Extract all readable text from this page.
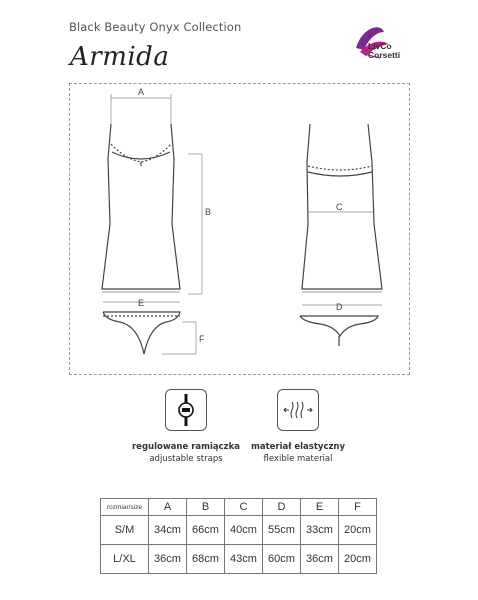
Black Beauty Onyx Collection
Armida	LivCo
Corsetti
A
B	C
D
E
F
regulowane ramiączka
adjustable straps
materiał elastyczny
flexible material
rozmiar/size	A	B	C	D	E	F
S/M	34cm	66cm	40cm	55cm	33cm	20cm
L/XL	36cm	68cm	43cm	60cm	36cm	20cm
